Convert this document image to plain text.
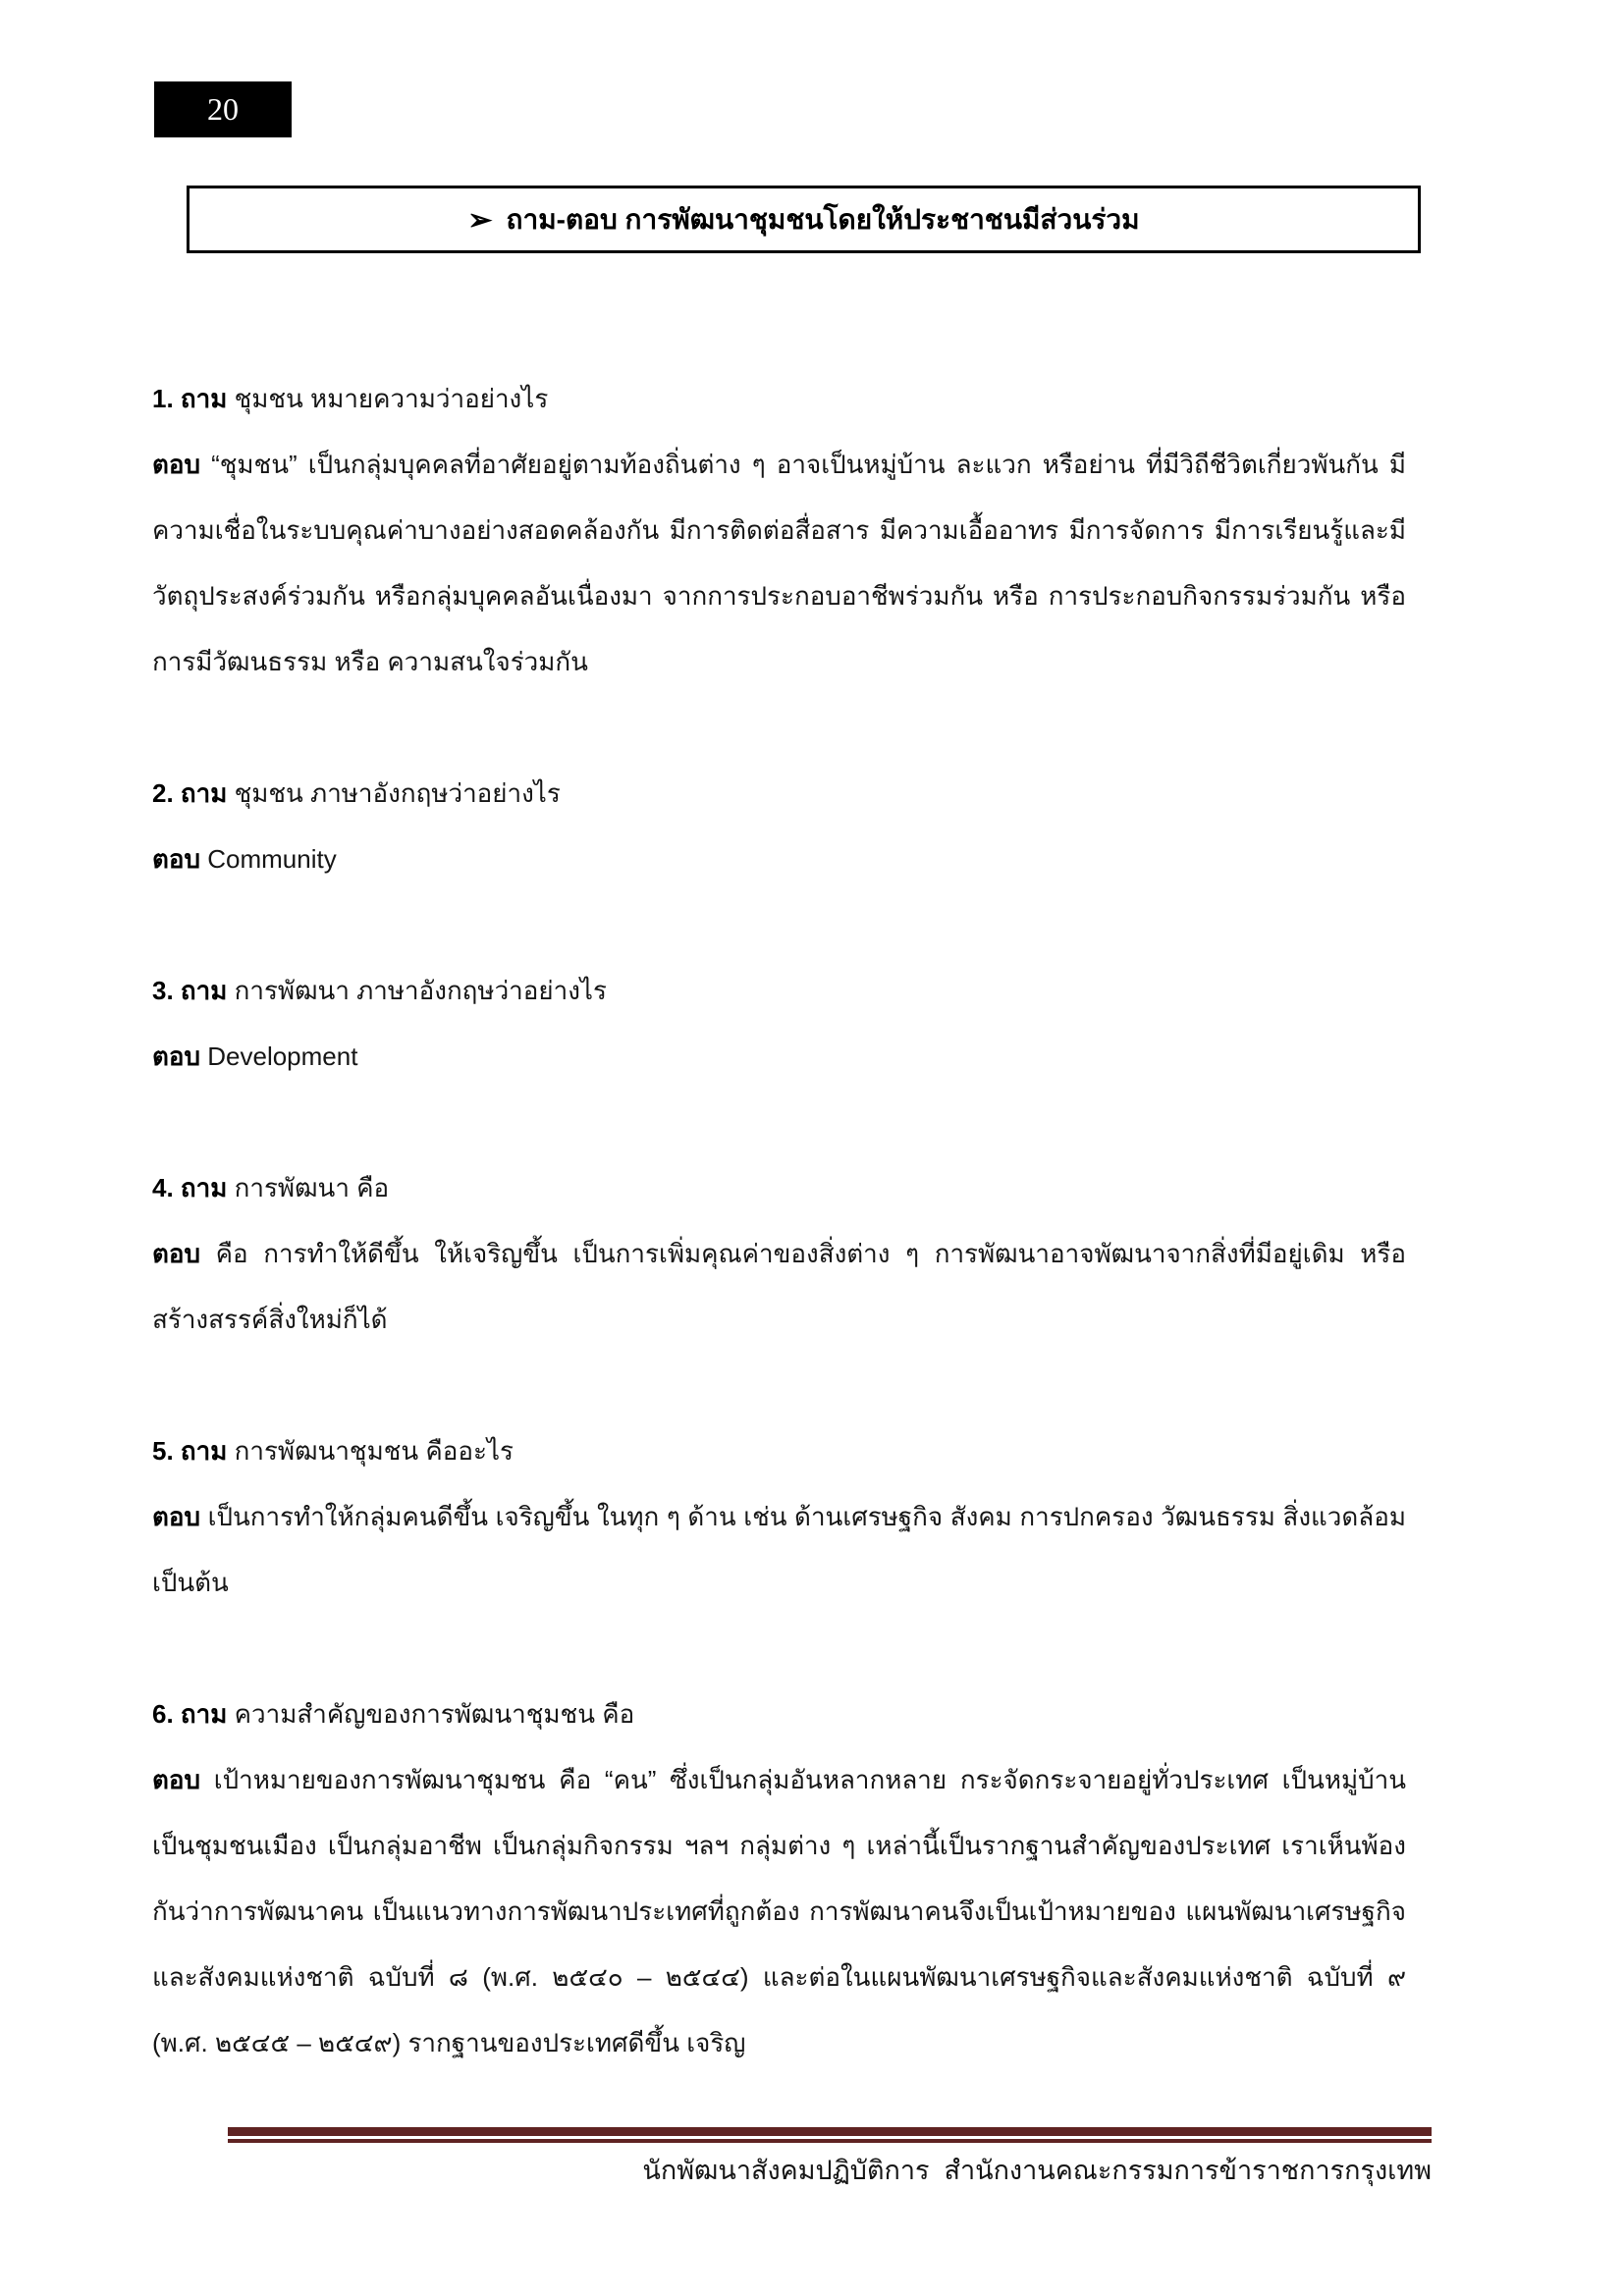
20
➢ ถาม-ตอบ การพัฒนาชุมชนโดยให้ประชาชนมีส่วนร่วม
1. ถาม ชุมชน หมายความว่าอย่างไร
ตอบ “ชุมชน” เป็นกลุ่มบุคคลที่อาศัยอยู่ตามท้องถิ่นต่าง ๆ อาจเป็นหมู่บ้าน ละแวก หรือย่าน ที่มีวิถีชีวิตเกี่ยวพันกัน มีความเชื่อในระบบคุณค่าบางอย่างสอดคล้องกัน มีการติดต่อสื่อสาร มีความเอื้ออาทร มีการจัดการ มีการเรียนรู้และมีวัตถุประสงค์ร่วมกัน หรือกลุ่มบุคคลอันเนื่องมา จากการประกอบอาชีพร่วมกัน หรือ การประกอบกิจกรรมร่วมกัน หรือ การมีวัฒนธรรม หรือ ความสนใจร่วมกัน
2. ถาม ชุมชน ภาษาอังกฤษว่าอย่างไร
ตอบ Community
3. ถาม การพัฒนา ภาษาอังกฤษว่าอย่างไร
ตอบ Development
4. ถาม การพัฒนา คือ
ตอบ คือ การทำให้ดีขึ้น ให้เจริญขึ้น เป็นการเพิ่มคุณค่าของสิ่งต่าง ๆ การพัฒนาอาจพัฒนาจากสิ่งที่มีอยู่เดิม หรือ สร้างสรรค์สิ่งใหม่ก็ได้
5. ถาม การพัฒนาชุมชน คืออะไร
ตอบ เป็นการทำให้กลุ่มคนดีขึ้น เจริญขึ้น ในทุก ๆ ด้าน เช่น ด้านเศรษฐกิจ สังคม การปกครอง วัฒนธรรม สิ่งแวดล้อม เป็นต้น
6. ถาม ความสำคัญของการพัฒนาชุมชน คือ
ตอบ เป้าหมายของการพัฒนาชุมชน คือ “คน” ซึ่งเป็นกลุ่มอันหลากหลาย กระจัดกระจายอยู่ทั่วประเทศ เป็นหมู่บ้าน เป็นชุมชนเมือง เป็นกลุ่มอาชีพ เป็นกลุ่มกิจกรรม ฯลฯ กลุ่มต่าง ๆ เหล่านี้เป็นรากฐานสำคัญของประเทศ เราเห็นพ้องกันว่าการพัฒนาคน เป็นแนวทางการพัฒนาประเทศที่ถูกต้อง การพัฒนาคนจึงเป็นเป้าหมายของ แผนพัฒนาเศรษฐกิจและสังคมแห่งชาติ ฉบับที่ ๘ (พ.ศ. ๒๕๔๐ – ๒๕๔๔) และต่อในแผนพัฒนาเศรษฐกิจและสังคมแห่งชาติ ฉบับที่ ๙ (พ.ศ. ๒๕๔๕ – ๒๕๔๙) รากฐานของประเทศดีขึ้น เจริญ
นักพัฒนาสังคมปฏิบัติการ  สำนักงานคณะกรรมการข้าราชการกรุงเทพ
